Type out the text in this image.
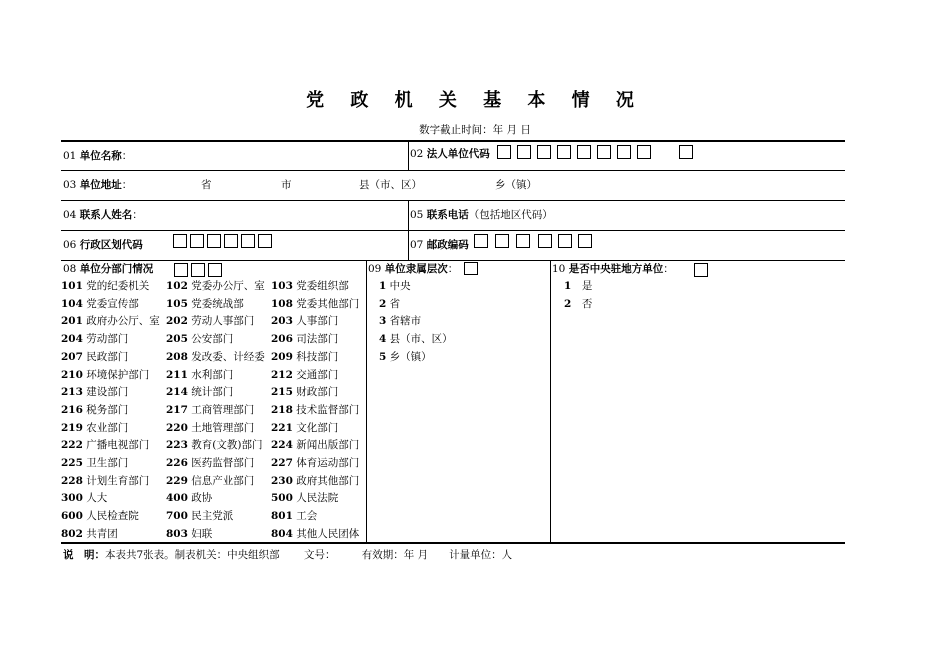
党 政 机 关 基 本 情 况
数字截止时间：年 月 日
01 单位名称：	02 法人单位代码
03 单位地址：	省	市	县（市、区）	乡（镇）
04 联系人姓名：	05 联系电话（包括地区代码）
06 行政区划代码	07 邮政编码
08 单位分部门情况
101 党的纪委机关	102 党委办公厅、室 103 党委组织部
104 党委宣传部	105 党委统战部	108 党委其他部门
201 政府办公厅、室 202 劳动人事部门	203 人事部门
204 劳动部门	205 公安部门	206 司法部门
207 民政部门	208 发改委、计经委 209 科技部门
210 环境保护部门	211 水利部门	212 交通部门
213 建设部门	214 统计部门	215 财政部门
216 税务部门	217 工商管理部门	218 技术监督部门
219 农业部门	220 土地管理部门	221 文化部门
222 广播电视部门	223 教育(文教)部门 224 新闻出版部门
225 卫生部门	226 医药监督部门	227 体育运动部门
228 计划生育部门	229 信息产业部门	230 政府其他部门
300 人大	400 政协	500 人民法院
600 人民检查院	700 民主党派	801 工会
802 共青团	803 妇联	804 其他人民团体
09 单位隶属层次：
1 中央
2 省
3 省辖市
4 县（市、区）
5 乡（镇）
10 是否中央驻地方单位：
1　 是
2　 否
说　明：本表共7张表。制表机关：中央组织部　　 文号：　　　有效期：年 月　　计量单位：人
